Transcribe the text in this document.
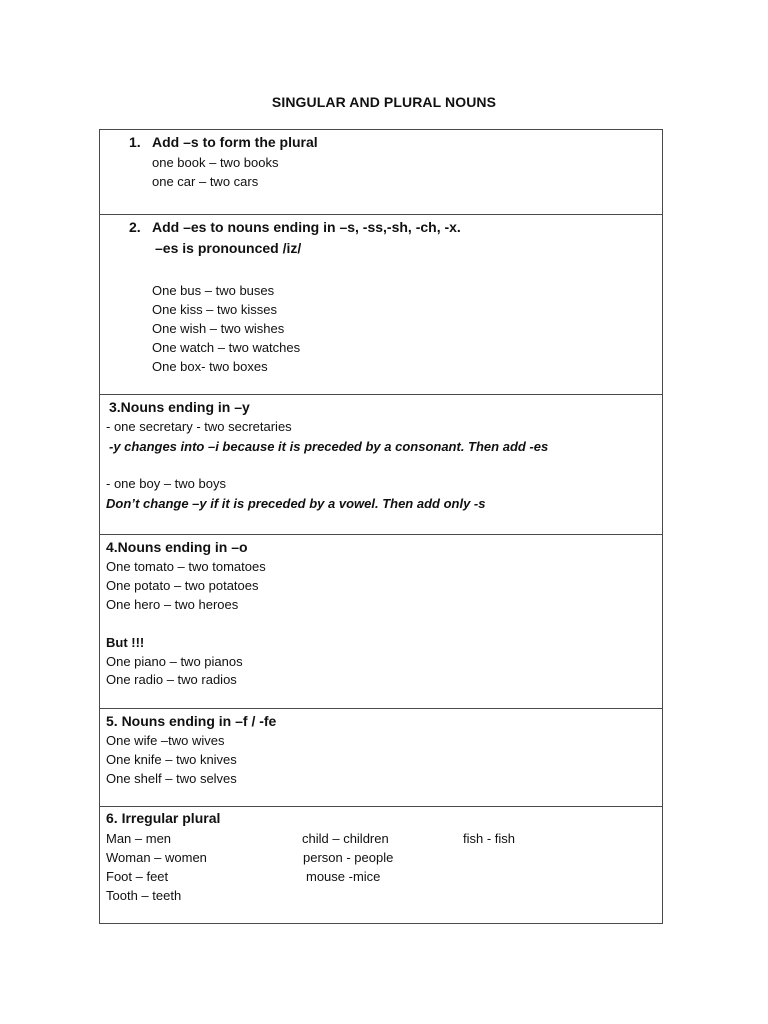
SINGULAR AND PLURAL NOUNS
1. Add –s to form the plural
one book – two books
one car – two cars
2. Add –es to nouns ending in –s, -ss,-sh, -ch, -x.
–es is pronounced /iz/
One bus – two buses
One kiss – two kisses
One wish – two wishes
One watch – two watches
One box- two boxes
3.Nouns ending in –y
- one secretary - two secretaries
-y changes into –i because it is preceded by a consonant. Then add -es
- one boy – two boys
Don’t change –y if it is preceded by a vowel. Then add only -s
4.Nouns ending in –o
One tomato – two tomatoes
One potato – two potatoes
One hero – two heroes
But !!!
One piano – two pianos
One radio – two radios
5. Nouns ending in –f / -fe
One wife –two wives
One knife – two knives
One shelf – two selves
6. Irregular plural
Man – men
Woman – women
Foot – feet
Tooth – teeth
child – children
person - people
mouse -mice
fish - fish
